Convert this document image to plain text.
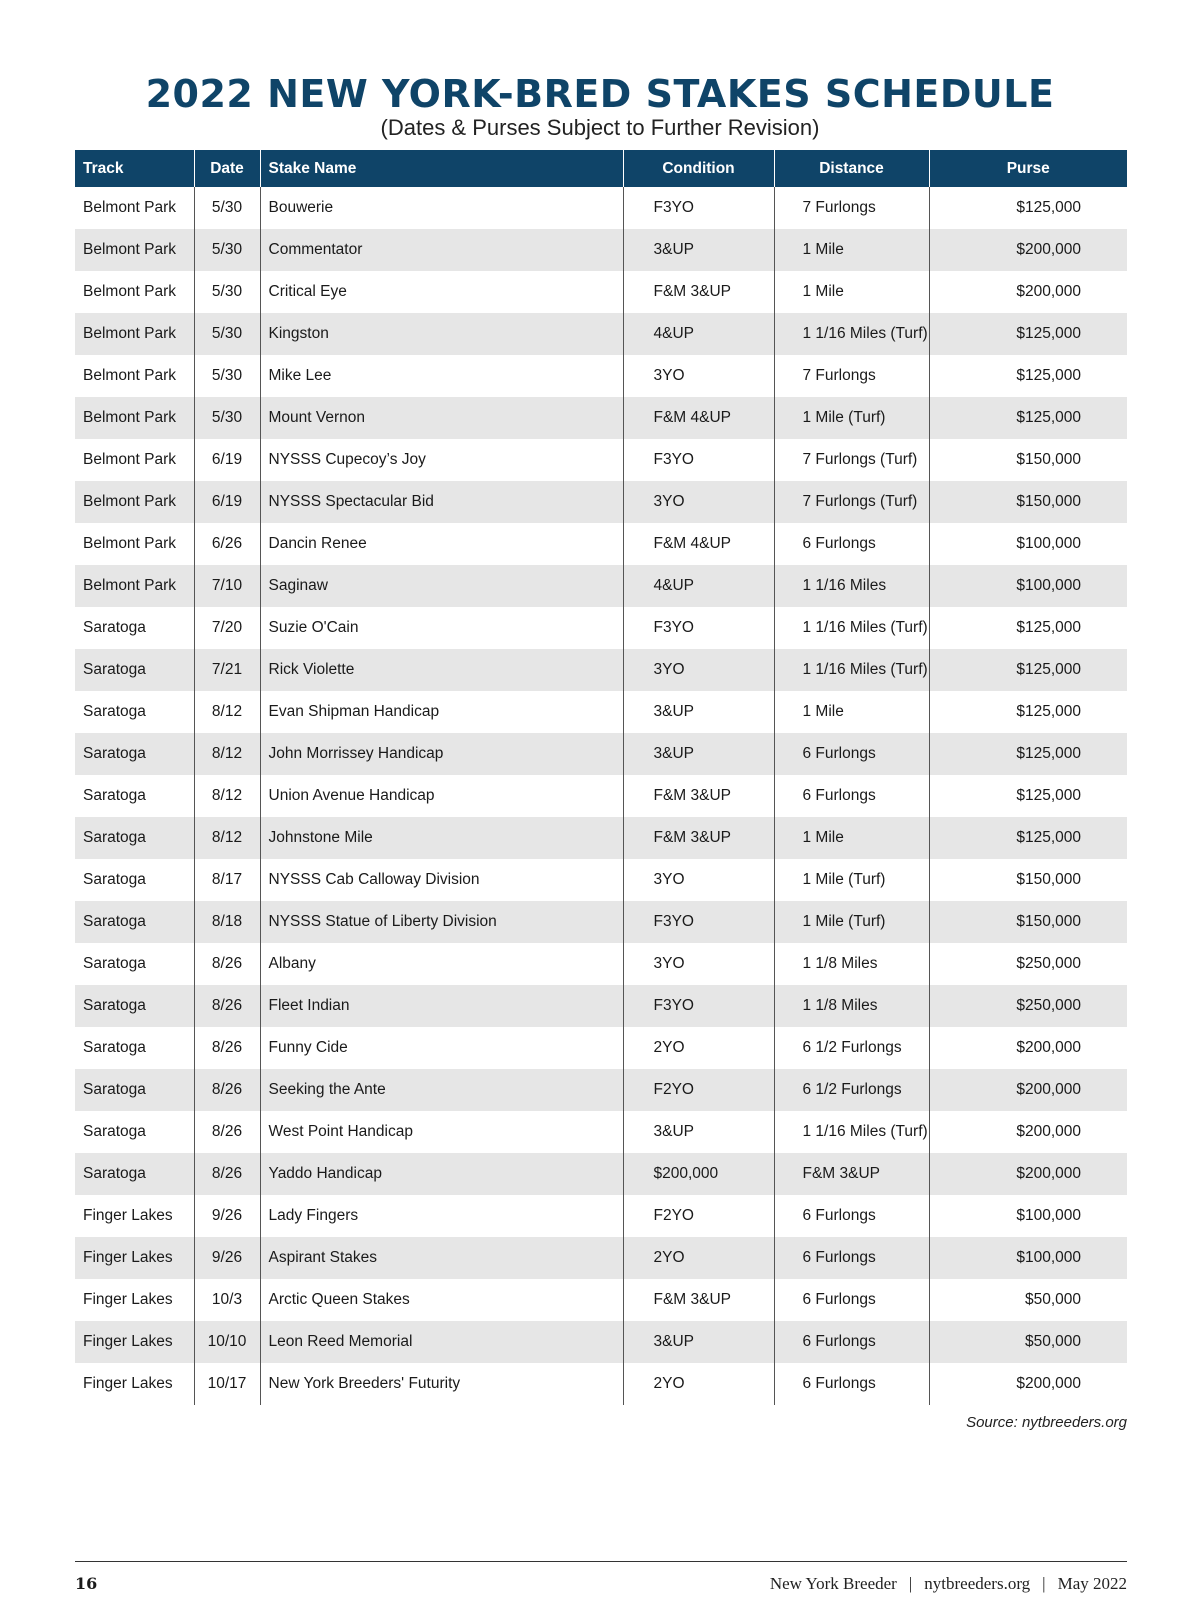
2022 NEW YORK-BRED STAKES SCHEDULE
(Dates & Purses Subject to Further Revision)
Track	Date	Stake Name	Condition	Distance	Purse
Belmont Park	5/30	Bouwerie	F3YO	7 Furlongs	$125,000
Belmont Park	5/30	Commentator	3&UP	1 Mile	$200,000
Belmont Park	5/30	Critical Eye	F&M 3&UP	1 Mile	$200,000
Belmont Park	5/30	Kingston	4&UP	1 1/16 Miles (Turf)	$125,000
Belmont Park	5/30	Mike Lee	3YO	7 Furlongs	$125,000
Belmont Park	5/30	Mount Vernon	F&M 4&UP	1 Mile (Turf)	$125,000
Belmont Park	6/19	NYSSS Cupecoy’s Joy	F3YO	7 Furlongs (Turf)	$150,000
Belmont Park	6/19	NYSSS Spectacular Bid	3YO	7 Furlongs (Turf)	$150,000
Belmont Park	6/26	Dancin Renee	F&M 4&UP	6 Furlongs	$100,000
Belmont Park	7/10	Saginaw	4&UP	1 1/16 Miles	$100,000
Saratoga	7/20	Suzie O'Cain	F3YO	1 1/16 Miles (Turf)	$125,000
Saratoga	7/21	Rick Violette	3YO	1 1/16 Miles (Turf)	$125,000
Saratoga	8/12	Evan Shipman Handicap	3&UP	1 Mile	$125,000
Saratoga	8/12	John Morrissey Handicap	3&UP	6 Furlongs	$125,000
Saratoga	8/12	Union Avenue Handicap	F&M 3&UP	6 Furlongs	$125,000
Saratoga	8/12	Johnstone Mile	F&M 3&UP	1 Mile	$125,000
Saratoga	8/17	NYSSS Cab Calloway Division	3YO	1 Mile (Turf)	$150,000
Saratoga	8/18	NYSSS Statue of Liberty Division	F3YO	1 Mile (Turf)	$150,000
Saratoga	8/26	Albany	3YO	1 1/8 Miles	$250,000
Saratoga	8/26	Fleet Indian	F3YO	1 1/8 Miles	$250,000
Saratoga	8/26	Funny Cide	2YO	6 1/2 Furlongs	$200,000
Saratoga	8/26	Seeking the Ante	F2YO	6 1/2 Furlongs	$200,000
Saratoga	8/26	West Point Handicap	3&UP	1 1/16 Miles (Turf)	$200,000
Saratoga	8/26	Yaddo Handicap	$200,000	F&M 3&UP	$200,000
Finger Lakes	9/26	Lady Fingers	F2YO	6 Furlongs	$100,000
Finger Lakes	9/26	Aspirant Stakes	2YO	6 Furlongs	$100,000
Finger Lakes	10/3	Arctic Queen Stakes	F&M 3&UP	6 Furlongs	$50,000
Finger Lakes	10/10	Leon Reed Memorial	3&UP	6 Furlongs	$50,000
Finger Lakes	10/17	New York Breeders' Futurity	2YO	6 Furlongs	$200,000
Source: nytbreeders.org
16	New York Breeder | nytbreeders.org | May 2022
